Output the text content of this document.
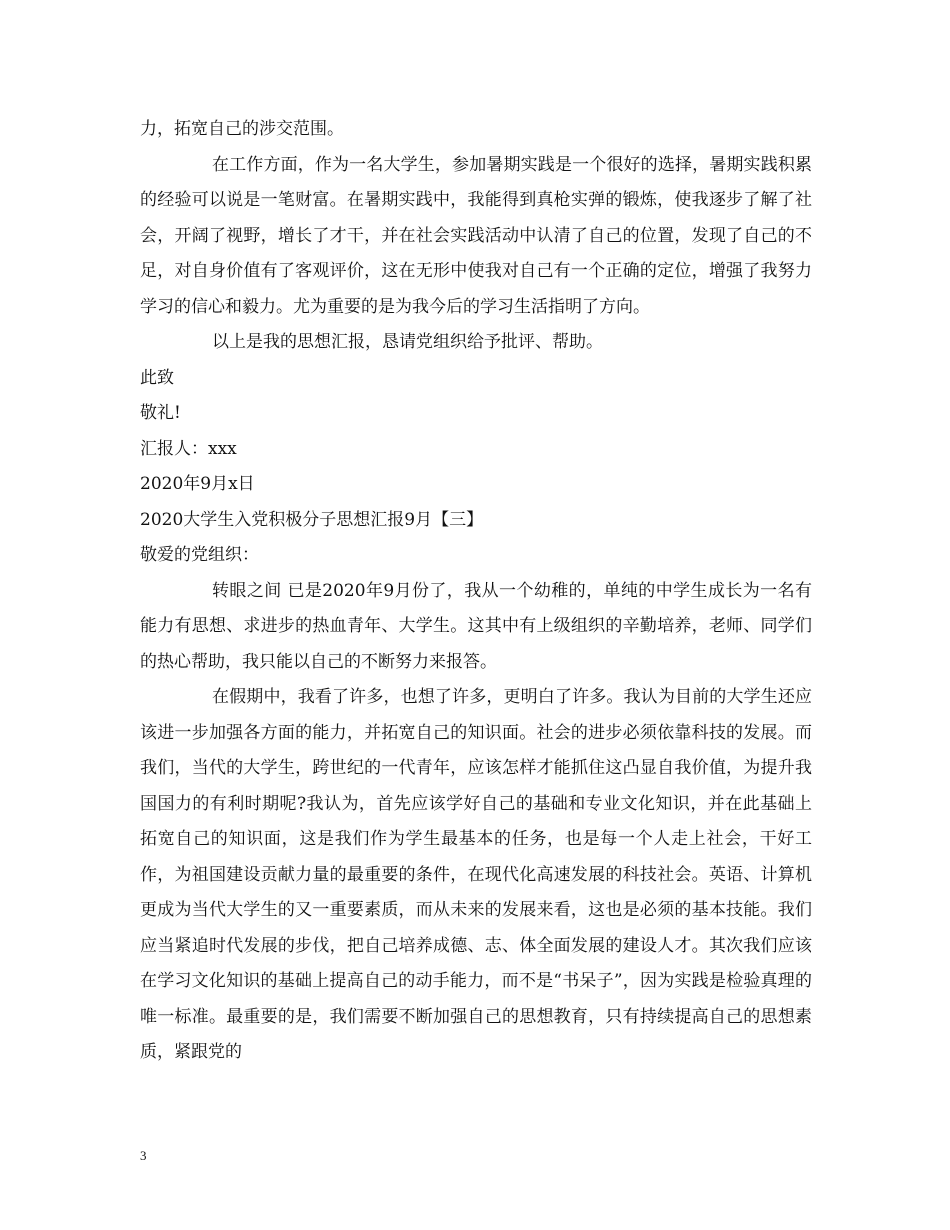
力，拓宽自己的涉交范围。

在工作方面，作为一名大学生，参加暑期实践是一个很好的选择，暑期实践积累的经验可以说是一笔财富。在暑期实践中，我能得到真枪实弹的锻炼，使我逐步了解了社会，开阔了视野，增长了才干，并在社会实践活动中认清了自己的位置，发现了自己的不足，对自身价值有了客观评价，这在无形中使我对自己有一个正确的定位，增强了我努力学习的信心和毅力。尤为重要的是为我今后的学习生活指明了方向。

以上是我的思想汇报，恳请党组织给予批评、帮助。

此致

敬礼!

汇报人：xxx

2020年9月x日

2020大学生入党积极分子思想汇报9月【三】

敬爱的党组织：

转眼之间 已是2020年9月份了，我从一个幼稚的，单纯的中学生成长为一名有能力有思想、求进步的热血青年、大学生。这其中有上级组织的辛勤培养，老师、同学们的热心帮助，我只能以自己的不断努力来报答。

在假期中，我看了许多，也想了许多，更明白了许多。我认为目前的大学生还应该进一步加强各方面的能力，并拓宽自己的知识面。社会的进步必须依靠科技的发展。而我们，当代的大学生，跨世纪的一代青年，应该怎样才能抓住这凸显自我价值，为提升我国国力的有利时期呢?我认为，首先应该学好自己的基础和专业文化知识，并在此基础上拓宽自己的知识面，这是我们作为学生最基本的任务，也是每一个人走上社会，干好工作，为祖国建设贡献力量的最重要的条件，在现代化高速发展的科技社会。英语、计算机更成为当代大学生的又一重要素质，而从未来的发展来看，这也是必须的基本技能。我们应当紧追时代发展的步伐，把自己培养成德、志、体全面发展的建设人才。其次我们应该在学习文化知识的基础上提高自己的动手能力，而不是“书呆子”，因为实践是检验真理的唯一标准。最重要的是，我们需要不断加强自己的思想教育，只有持续提高自己的思想素质，紧跟党的

3
